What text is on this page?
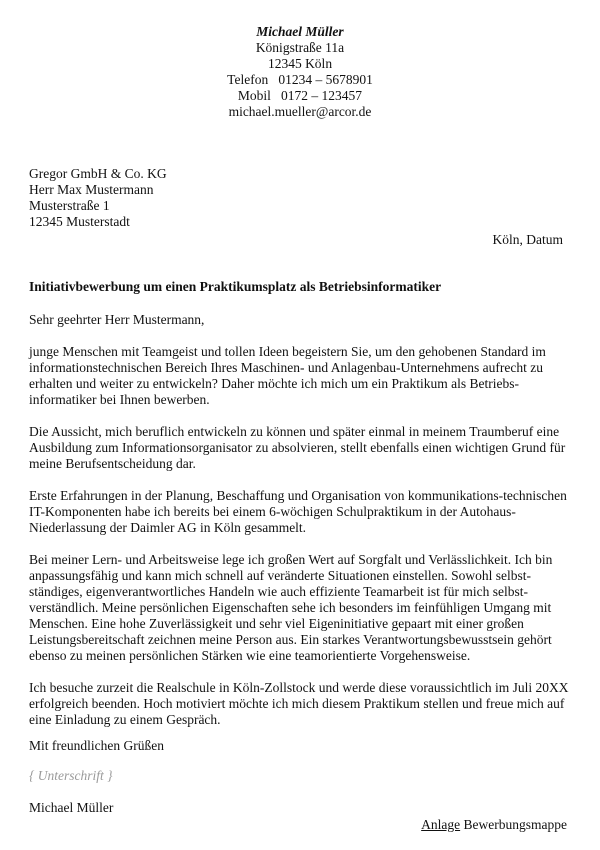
Michael Müller
Königstraße 11a
12345 Köln
Telefon   01234 – 5678901
Mobil   0172 – 123457
michael.mueller@arcor.de
Gregor GmbH & Co. KG
Herr Max Mustermann
Musterstraße 1
12345 Musterstadt
Köln, Datum
Initiativbewerbung um einen Praktikumsplatz als Betriebsinformatiker

Sehr geehrter Herr Mustermann,

junge Menschen mit Teamgeist und tollen Ideen begeistern Sie, um den gehobenen Standard im informationstechnischen Bereich Ihres Maschinen- und Anlagenbau-Unternehmens aufrecht zu erhalten und weiter zu entwickeln? Daher möchte ich mich um ein Praktikum als Betriebs-informatiker bei Ihnen bewerben.

Die Aussicht, mich beruflich entwickeln zu können und später einmal in meinem Traumberuf eine Ausbildung zum Informationsorganisator zu absolvieren, stellt ebenfalls einen wichtigen Grund für meine Berufsentscheidung dar.

Erste Erfahrungen in der Planung, Beschaffung und Organisation von kommunikations-technischen IT-Komponenten habe ich bereits bei einem 6-wöchigen Schulpraktikum in der Autohaus-Niederlassung der Daimler AG in Köln gesammelt.

Bei meiner Lern- und Arbeitsweise lege ich großen Wert auf Sorgfalt und Verlässlichkeit. Ich bin anpassungsfähig und kann mich schnell auf veränderte Situationen einstellen. Sowohl selbst-ständiges, eigenverantwortliches Handeln wie auch effiziente Teamarbeit ist für mich selbst-verständlich. Meine persönlichen Eigenschaften sehe ich besonders im feinfühligen Umgang mit Menschen. Eine hohe Zuverlässigkeit und sehr viel Eigeninitiative gepaart mit einer großen Leistungsbereitschaft zeichnen meine Person aus. Ein starkes Verantwortungsbewusstsein gehört ebenso zu meinen persönlichen Stärken wie eine teamorientierte Vorgehensweise.

Ich besuche zurzeit die Realschule in Köln-Zollstock und werde diese voraussichtlich im Juli 20XX erfolgreich beenden. Hoch motiviert möchte ich mich diesem Praktikum stellen und freue mich auf eine Einladung zu einem Gespräch.

Mit freundlichen Grüßen
{ Unterschrift }
Michael Müller
Anlage Bewerbungsmappe
